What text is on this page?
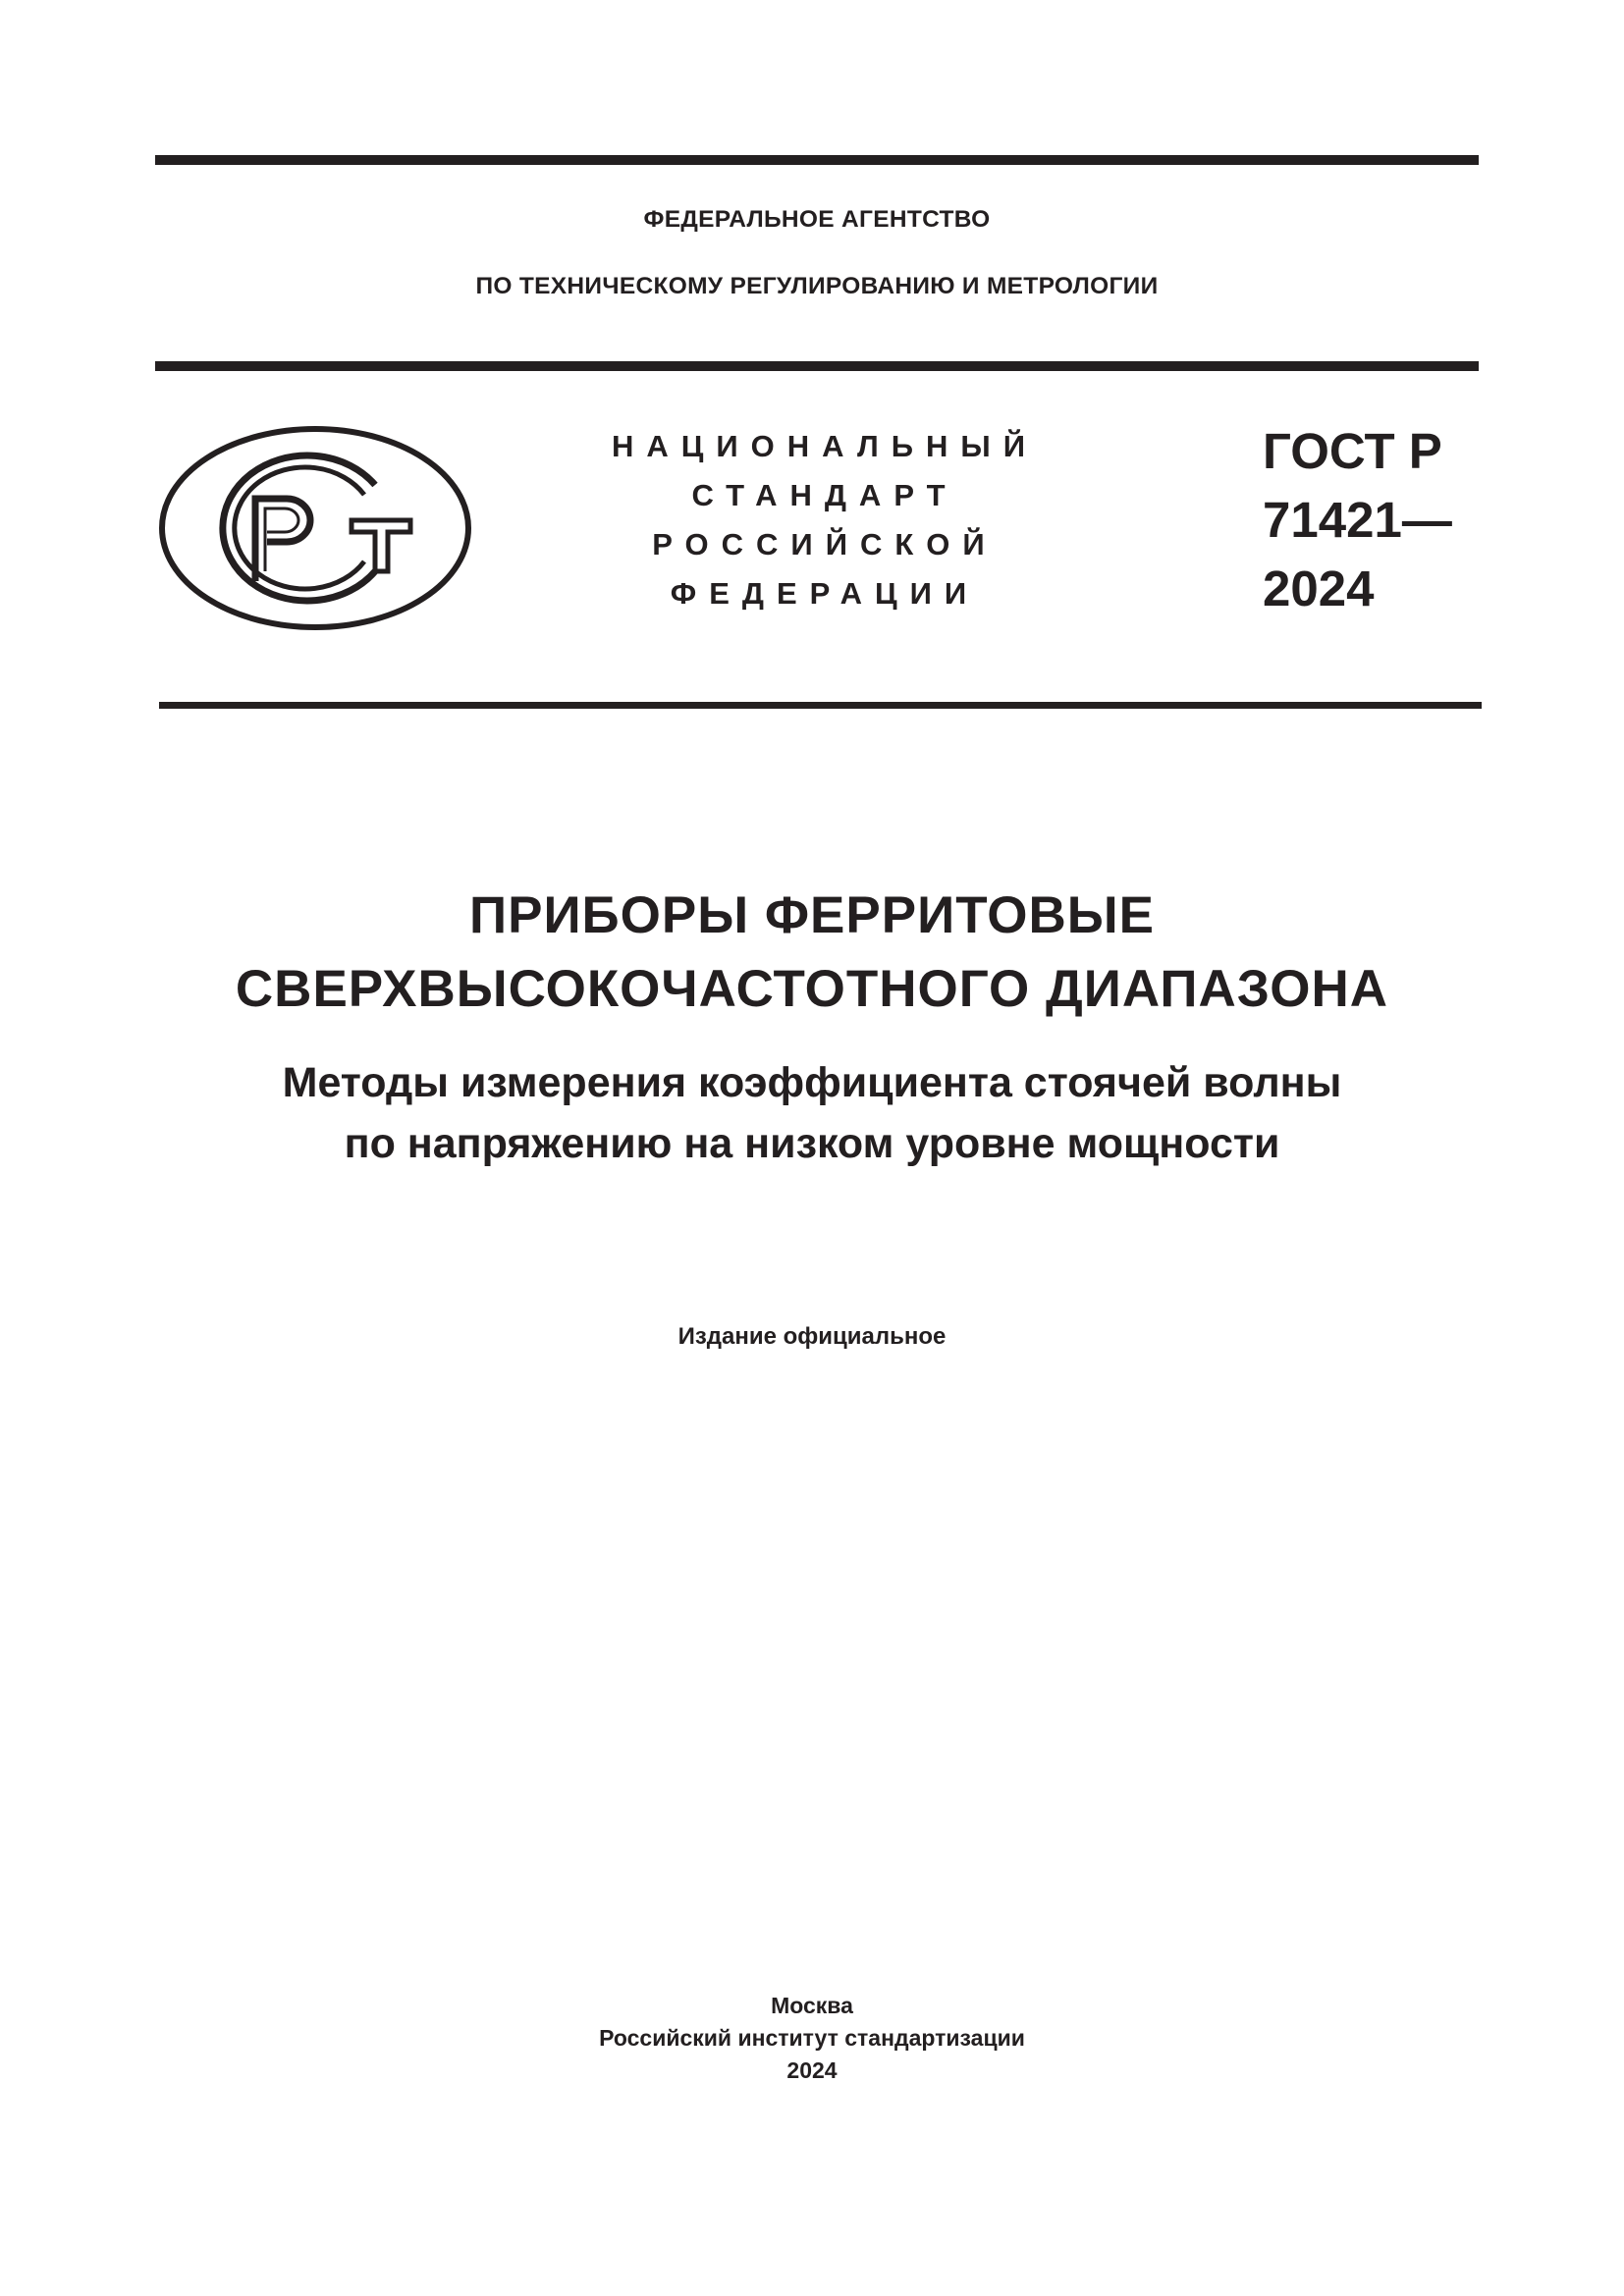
ФЕДЕРАЛЬНОЕ АГЕНТСТВО
ПО ТЕХНИЧЕСКОМУ РЕГУЛИРОВАНИЮ И МЕТРОЛОГИИ
НАЦИОНАЛЬНЫЙ
СТАНДАРТ
РОССИЙСКОЙ
ФЕДЕРАЦИИ
ГОСТ Р
71421—
2024
ПРИБОРЫ ФЕРРИТОВЫЕ
СВЕРХВЫСОКОЧАСТОТНОГО ДИАПАЗОНА
Методы измерения коэффициента стоячей волны
по напряжению на низком уровне мощности
Издание официальное
Москва
Российский институт стандартизации
2024
